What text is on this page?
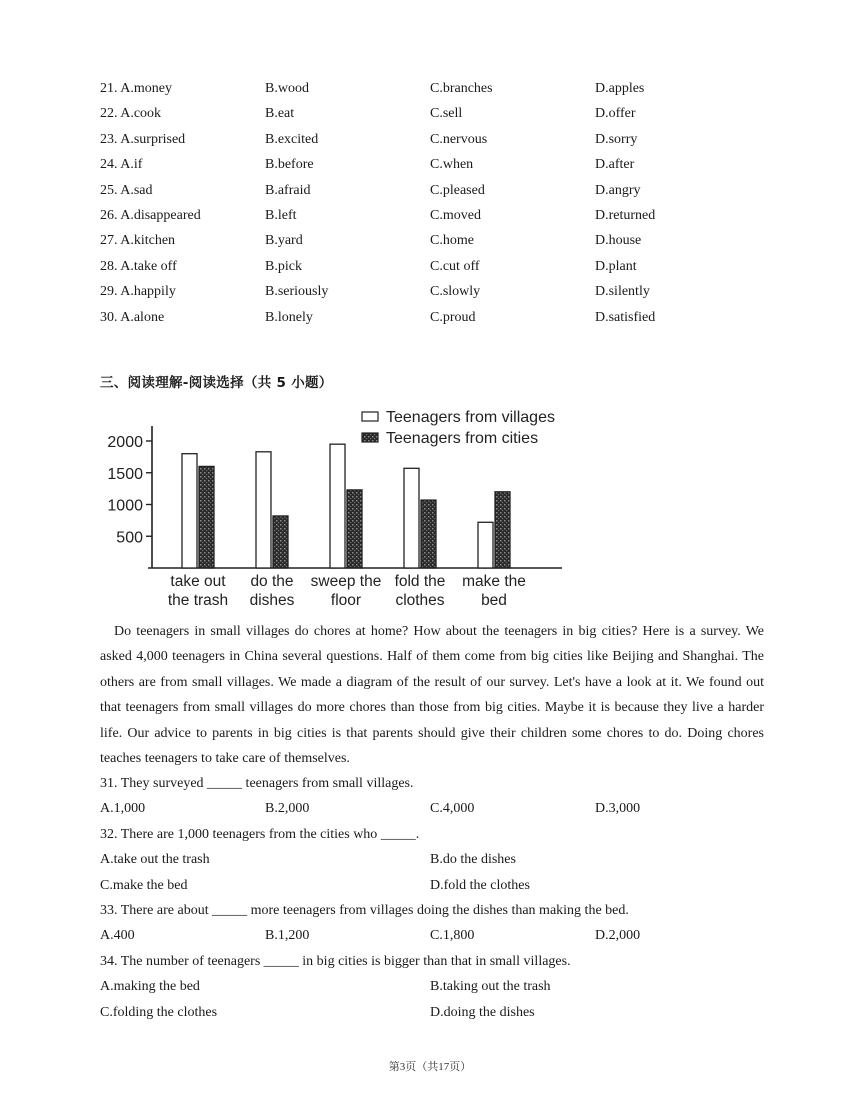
21. A.money	B.wood	C.branches	D.apples
22. A.cook	B.eat	C.sell	D.offer
23. A.surprised	B.excited	C.nervous	D.sorry
24. A.if	B.before	C.when	D.after
25. A.sad	B.afraid	C.pleased	D.angry
26. A.disappeared	B.left	C.moved	D.returned
27. A.kitchen	B.yard	C.home	D.house
28. A.take off	B.pick	C.cut off	D.plant
29. A.happily	B.seriously	C.slowly	D.silently
30. A.alone	B.lonely	C.proud	D.satisfied
三、阅读理解-阅读选择（共 5 小题）
500
1000
1500
2000
take out
the trash
do the
dishes
sweep the
floor
fold the
clothes
make the
bed
Teenagers from villages
Teenagers from cities

Do teenagers in small villages do chores at home? How about the teenagers in big cities? Here is a survey. We asked 4,000 teenagers in China several questions. Half of them come from big cities like Beijing and Shanghai. The others are from small villages. We made a diagram of the result of our survey. Let's have a look at it. We found out that teenagers from small villages do more chores than those from big cities. Maybe it is because they live a harder life. Our advice to parents in big cities is that parents should give their children some chores to do. Doing chores teaches teenagers to take care of themselves.

31. They surveyed _____ teenagers from small villages.
A.1,000	B.2,000	C.4,000	D.3,000
32. There are 1,000 teenagers from the cities who _____.
A.take out the trash	B.do the dishes
C.make the bed	D.fold the clothes
33. There are about _____ more teenagers from villages doing the dishes than making the bed.
A.400	B.1,200	C.1,800	D.2,000
34. The number of teenagers _____ in big cities is bigger than that in small villages.
A.making the bed	B.taking out the trash
C.folding the clothes	D.doing the dishes
第3页（共17页）
